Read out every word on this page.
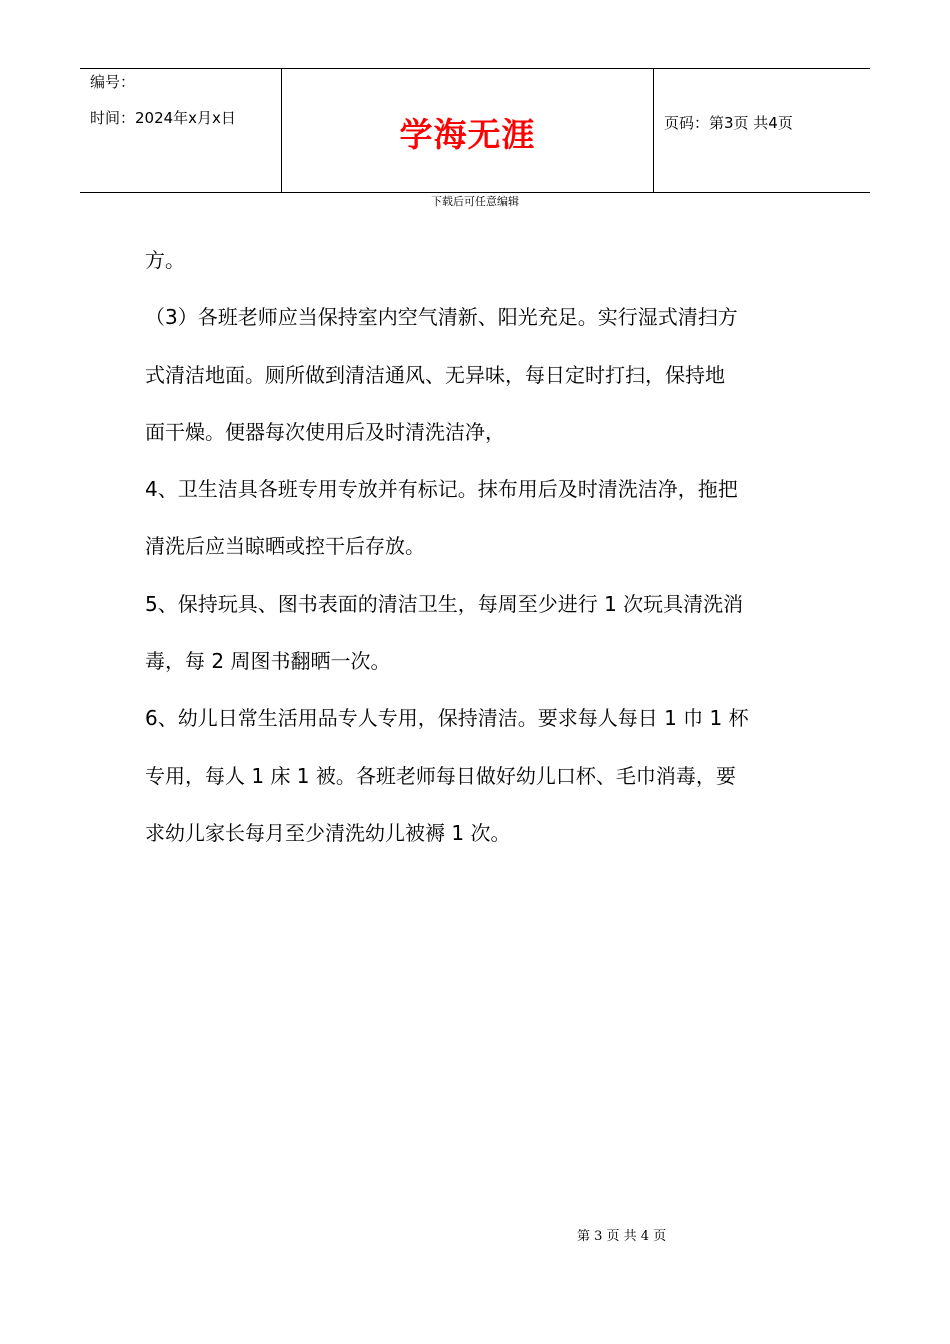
编号：
时间：2024年x月x日	学海无涯	页码：第3页 共4页
下载后可任意编辑

方。

（3）各班老师应当保持室内空气清新、阳光充足。实行湿式清扫方

式清洁地面。厕所做到清洁通风、无异味，每日定时打扫，保持地

面干燥。便器每次使用后及时清洗洁净，

4、卫生洁具各班专用专放并有标记。抹布用后及时清洗洁净，拖把

清洗后应当晾晒或控干后存放。

5、保持玩具、图书表面的清洁卫生，每周至少进行 1 次玩具清洗消

毒，每 2 周图书翻晒一次。

6、幼儿日常生活用品专人专用，保持清洁。要求每人每日 1 巾 1 杯

专用，每人 1 床 1 被。各班老师每日做好幼儿口杯、毛巾消毒，要

求幼儿家长每月至少清洗幼儿被褥 1 次。

第 3 页 共 4 页
